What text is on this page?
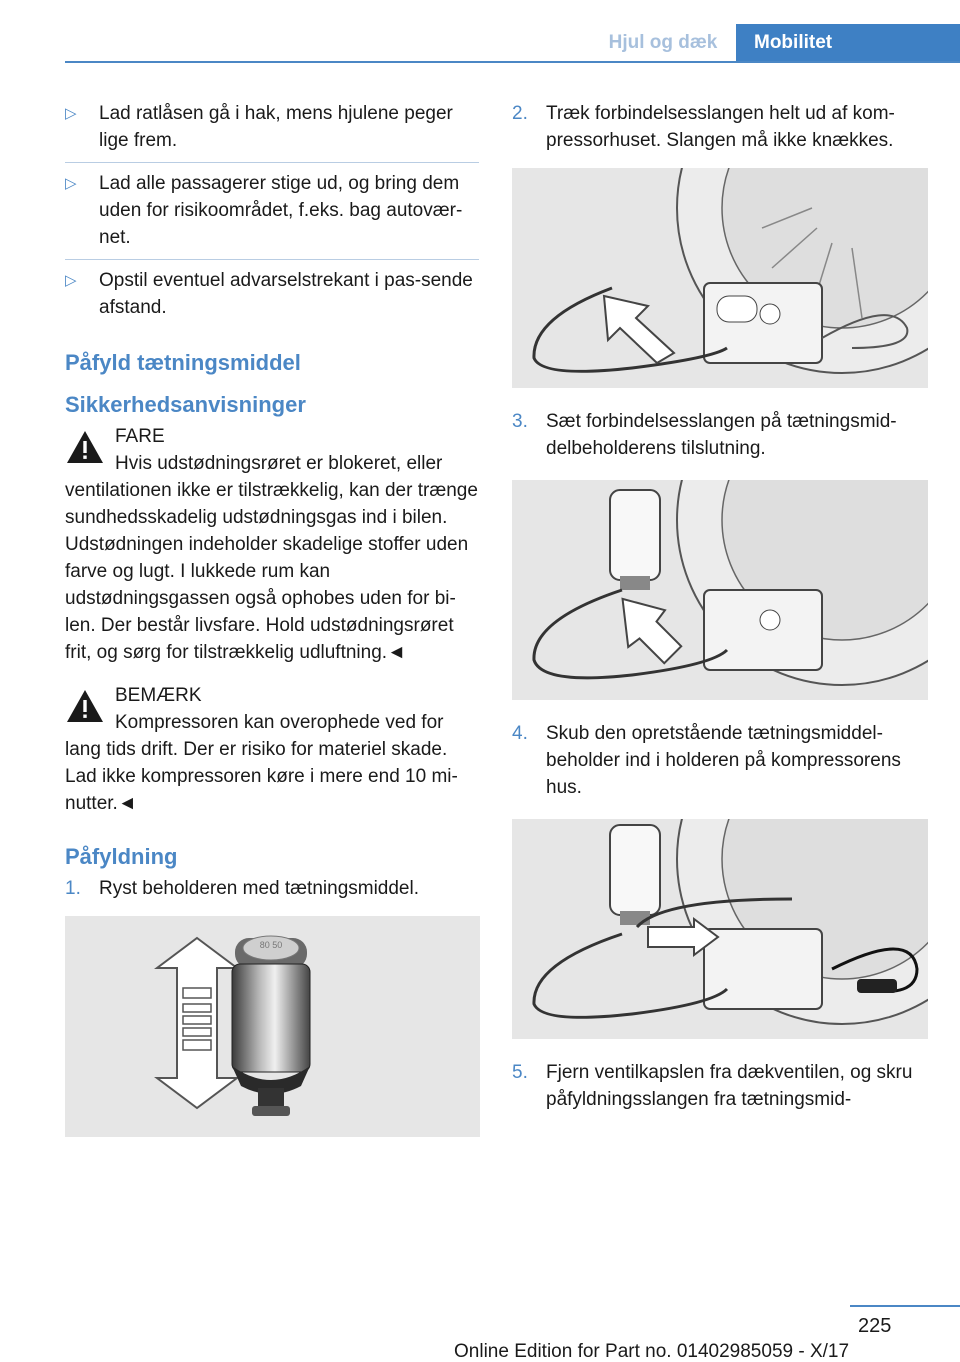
Hjul og dæk	Mobilitet
▷ Lad ratlåsen gå i hak, mens hjulene peger lige frem.
▷ Lad alle passagerer stige ud, og bring dem uden for risikoområdet, f.eks. bag autovær-net.
▷ Opstil eventuel advarselstrekant i pas-sende afstand.
Påfyld tætningsmiddel
Sikkerhedsanvisninger
FARE
Hvis udstødningsrøret er blokeret, eller ventilationen ikke er tilstrækkelig, kan der trænge sundhedsskadelig udstødningsgas ind i bilen. Udstødningen indeholder skadelige stoffer uden farve og lugt. I lukkede rum kan udstødningsgassen også ophobes uden for bi-len. Der består livsfare. Hold udstødningsrøret frit, og sørg for tilstrækkelig udluftning.◄
BEMÆRK
Kompressoren kan overophede ved for lang tids drift. Der er risiko for materiel skade. Lad ikke kompressoren køre i mere end 10 mi-nutter.◄
Påfyldning
1. Ryst beholderen med tætningsmiddel.
80 50
2. Træk forbindelsesslangen helt ud af kom-pressorhuset. Slangen må ikke knækkes.
3. Sæt forbindelsesslangen på tætningsmid-delbeholderens tilslutning.
4. Skub den opretstående tætningsmiddel-beholder ind i holderen på kompressorens hus.
5. Fjern ventilkapslen fra dækventilen, og skru påfyldningsslangen fra tætningsmid-
225
Online Edition for Part no. 01402985059 - X/17
